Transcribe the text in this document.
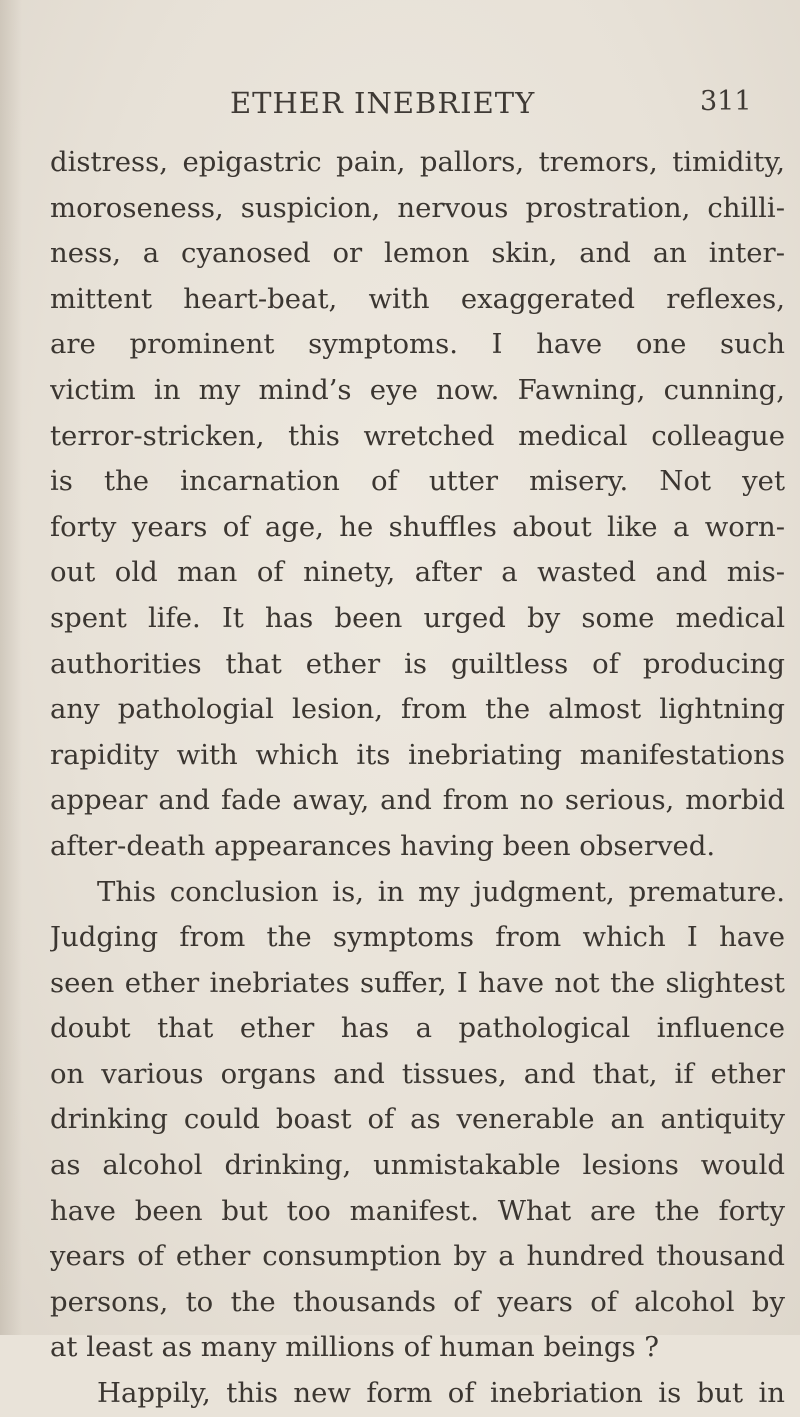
ETHER INEBRIETY	311
distress, epigastric pain, pallors, tremors, timidity,
moroseness, suspicion, nervous prostration, chilli-
ness, a cyanosed or lemon skin, and an inter-
mittent heart-beat, with exaggerated reflexes,
are prominent symptoms. I have one such
victim in my mind’s eye now. Fawning, cunning,
terror-stricken, this wretched medical colleague
is the incarnation of utter misery. Not yet
forty years of age, he shuffles about like a worn-
out old man of ninety, after a wasted and mis-
spent life. It has been urged by some medical
authorities that ether is guiltless of producing
any pathologial lesion, from the almost lightning
rapidity with which its inebriating manifestations
appear and fade away, and from no serious, morbid
after-death appearances having been observed.
This conclusion is, in my judgment, premature.
Judging from the symptoms from which I have
seen ether inebriates suffer, I have not the slightest
doubt that ether has a pathological influence
on various organs and tissues, and that, if ether
drinking could boast of as venerable an antiquity
as alcohol drinking, unmistakable lesions would
have been but too manifest. What are the forty
years of ether consumption by a hundred thousand
persons, to the thousands of years of alcohol by
at least as many millions of human beings ?
Happily, this new form of inebriation is but in
